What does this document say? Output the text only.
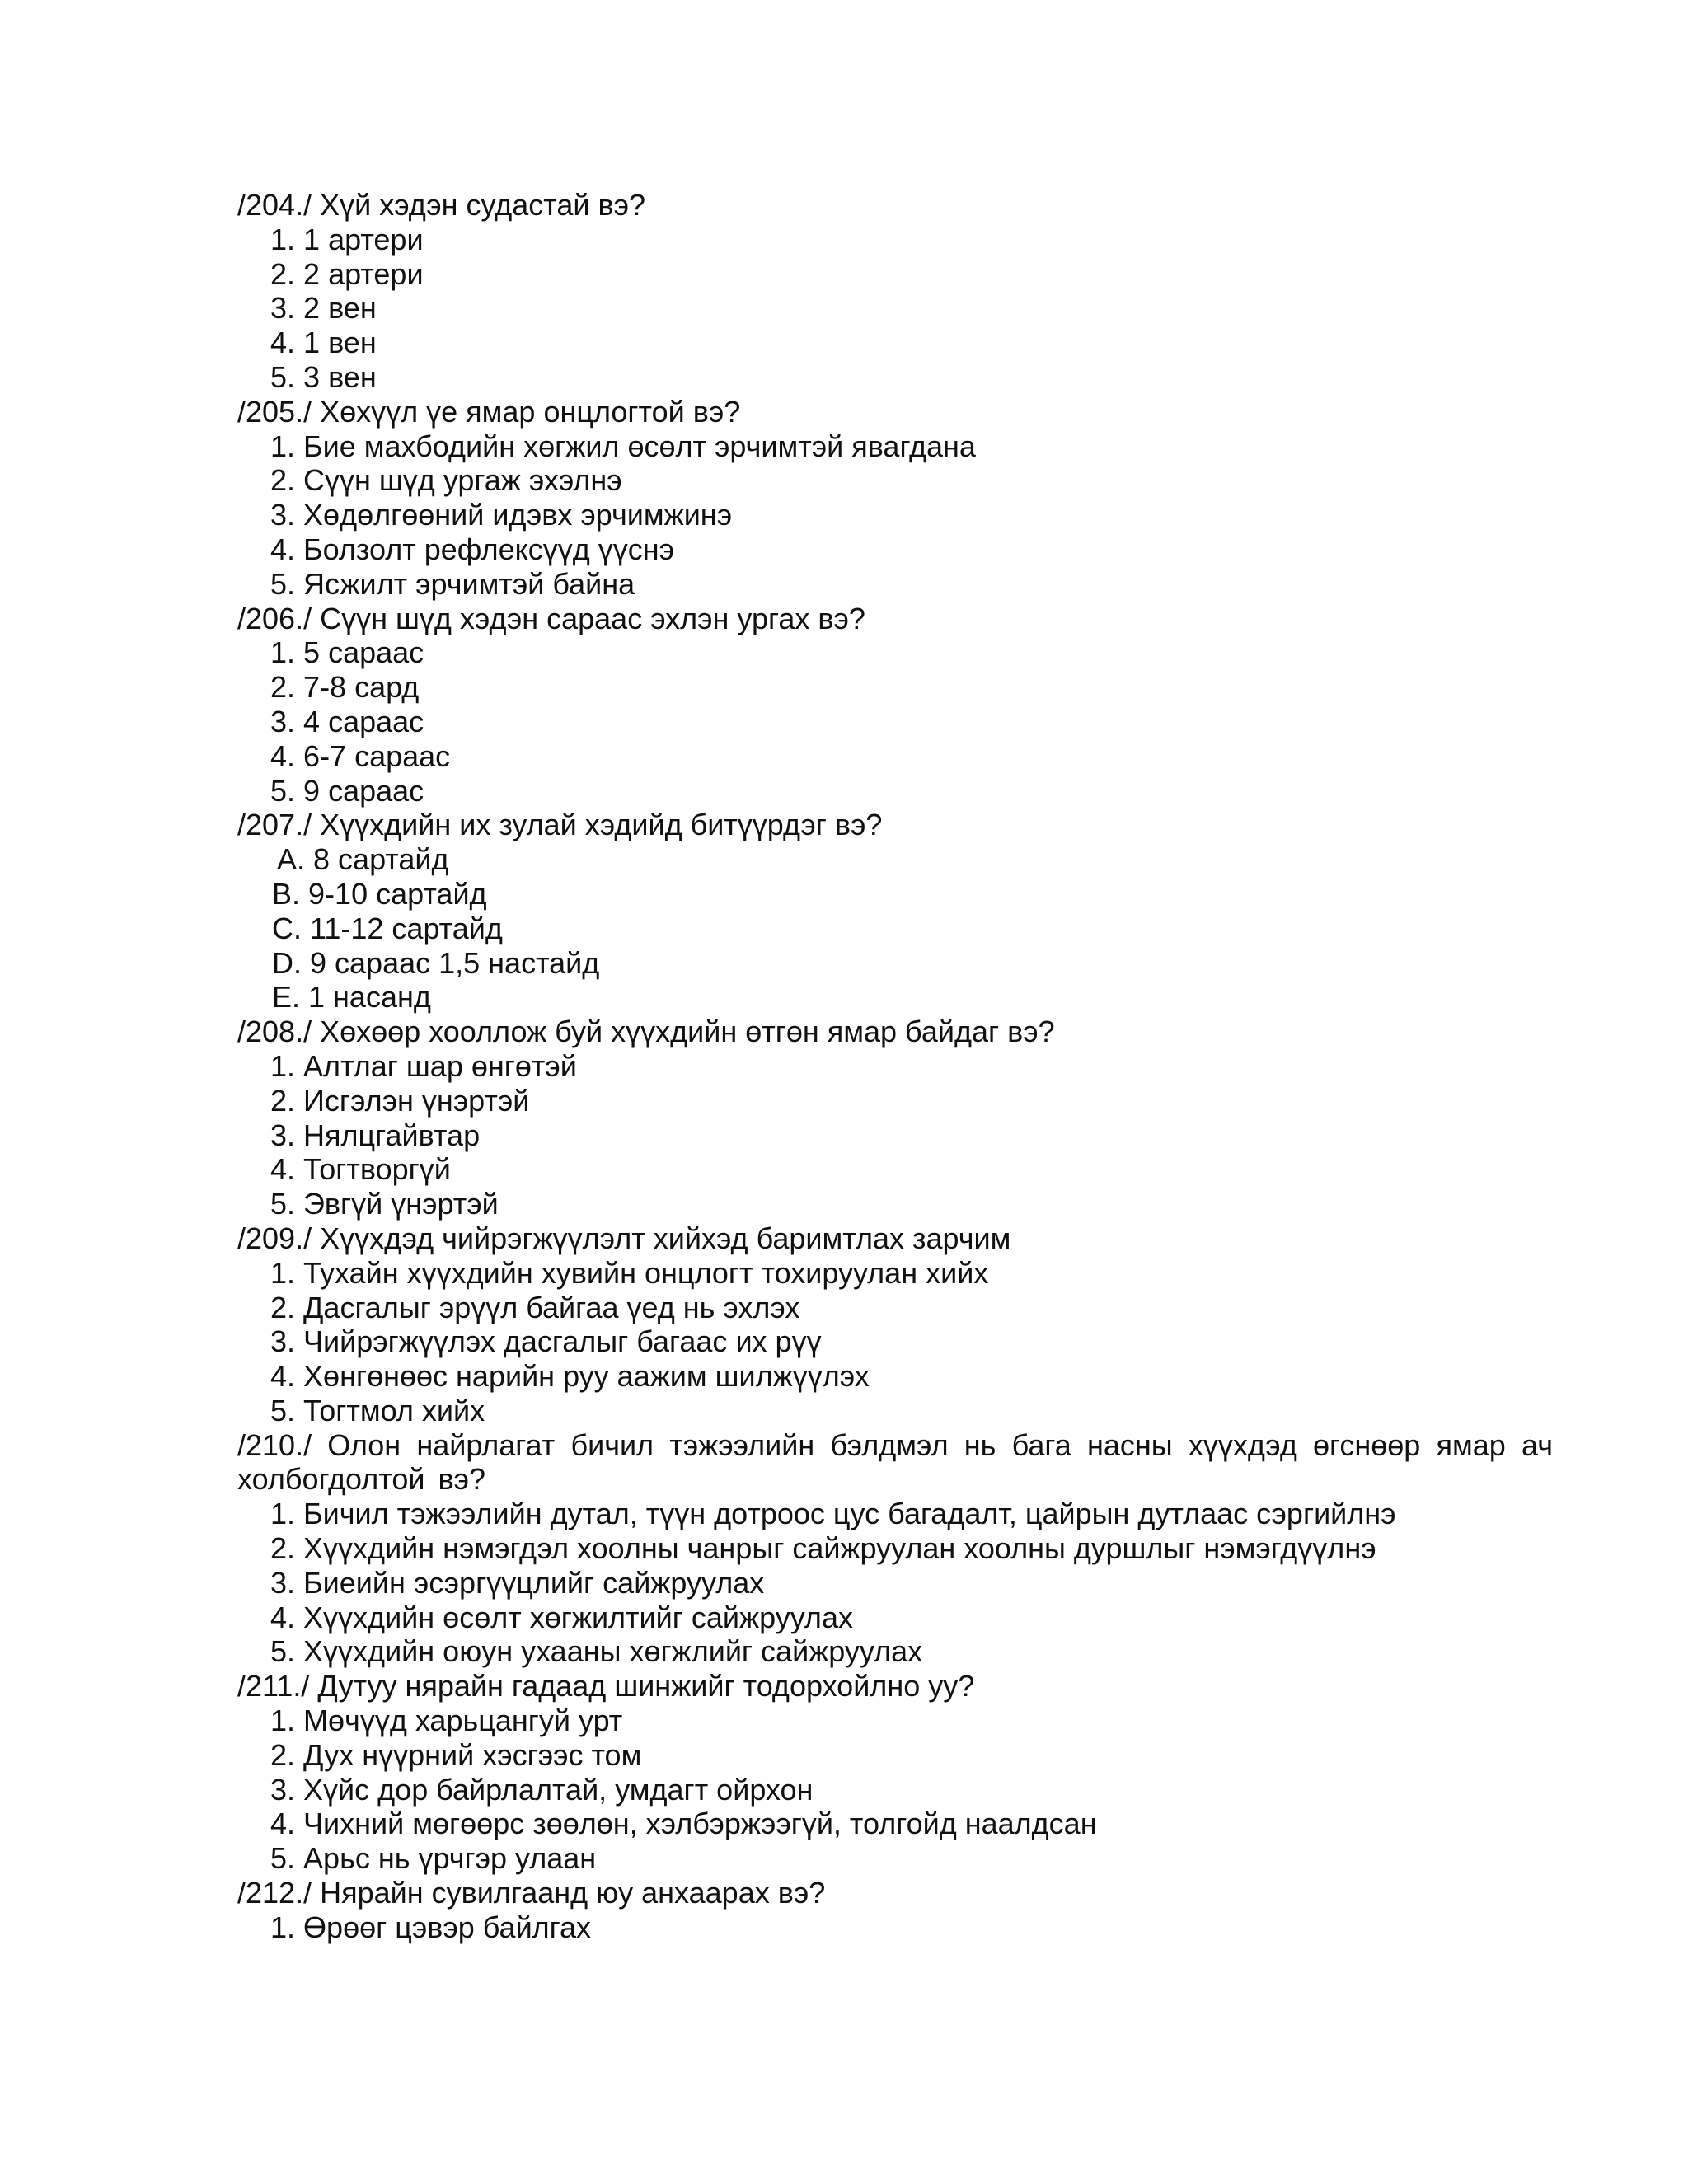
/204./ Хүй хэдэн судастай вэ?
1. 1 артери
2. 2 артери
3. 2 вен
4. 1 вен
5. 3 вен
/205./ Хөхүүл үе ямар онцлогтой вэ?
1. Бие махбодийн хөгжил өсөлт эрчимтэй явагдана
2. Сүүн шүд ургаж эхэлнэ
3. Хөдөлгөөний идэвх эрчимжинэ
4. Болзолт рефлексүүд үүснэ
5. Ясжилт эрчимтэй байна
/206./ Сүүн шүд хэдэн сараас эхлэн ургах вэ?
1. 5 сараас
2. 7-8 сард
3. 4 сараас
4. 6-7 сараас
5. 9 сараас
/207./ Хүүхдийн их зулай хэдийд битүүрдэг вэ?
A. 8 сартайд
B. 9-10 сартайд
C. 11-12 сартайд
D. 9 сараас 1,5 настайд
E. 1 насанд
/208./ Хөхөөр хооллож буй хүүхдийн өтгөн ямар байдаг вэ?
1. Алтлаг шар өнгөтэй
2. Исгэлэн үнэртэй
3. Нялцгайвтар
4. Тогтворгүй
5. Эвгүй үнэртэй
/209./ Хүүхдэд чийрэгжүүлэлт хийхэд баримтлах зарчим
1. Тухайн хүүхдийн хувийн онцлогт тохируулан хийх
2. Дасгалыг эрүүл байгаа үед нь эхлэх
3. Чийрэгжүүлэх дасгалыг багаас их рүү
4. Хөнгөнөөс нарийн руу аажим шилжүүлэх
5. Тогтмол хийх
/210./ Олон найрлагат бичил тэжээлийн бэлдмэл нь бага насны хүүхдэд өгснөөр ямар ач холбогдолтой вэ?
1. Бичил тэжээлийн дутал, түүн дотроос цус багадалт, цайрын дутлаас сэргийлнэ
2. Хүүхдийн нэмэгдэл хоолны чанрыг сайжруулан хоолны дуршлыг нэмэгдүүлнэ
3. Биеийн эсэргүүцлийг сайжруулах
4. Хүүхдийн өсөлт хөгжилтийг сайжруулах
5. Хүүхдийн оюун ухааны хөгжлийг сайжруулах
/211./ Дутуу нярайн гадаад шинжийг тодорхойлно уу?
1. Мөчүүд харьцангуй урт
2. Дух нүүрний хэсгээс том
3. Хүйс дор байрлалтай, умдагт ойрхон
4. Чихний мөгөөрс зөөлөн, хэлбэржээгүй, толгойд наалдсан
5. Арьс нь үрчгэр улаан
/212./ Нярайн сувилгаанд юу анхаарах вэ?
1. Өрөөг цэвэр байлгах
